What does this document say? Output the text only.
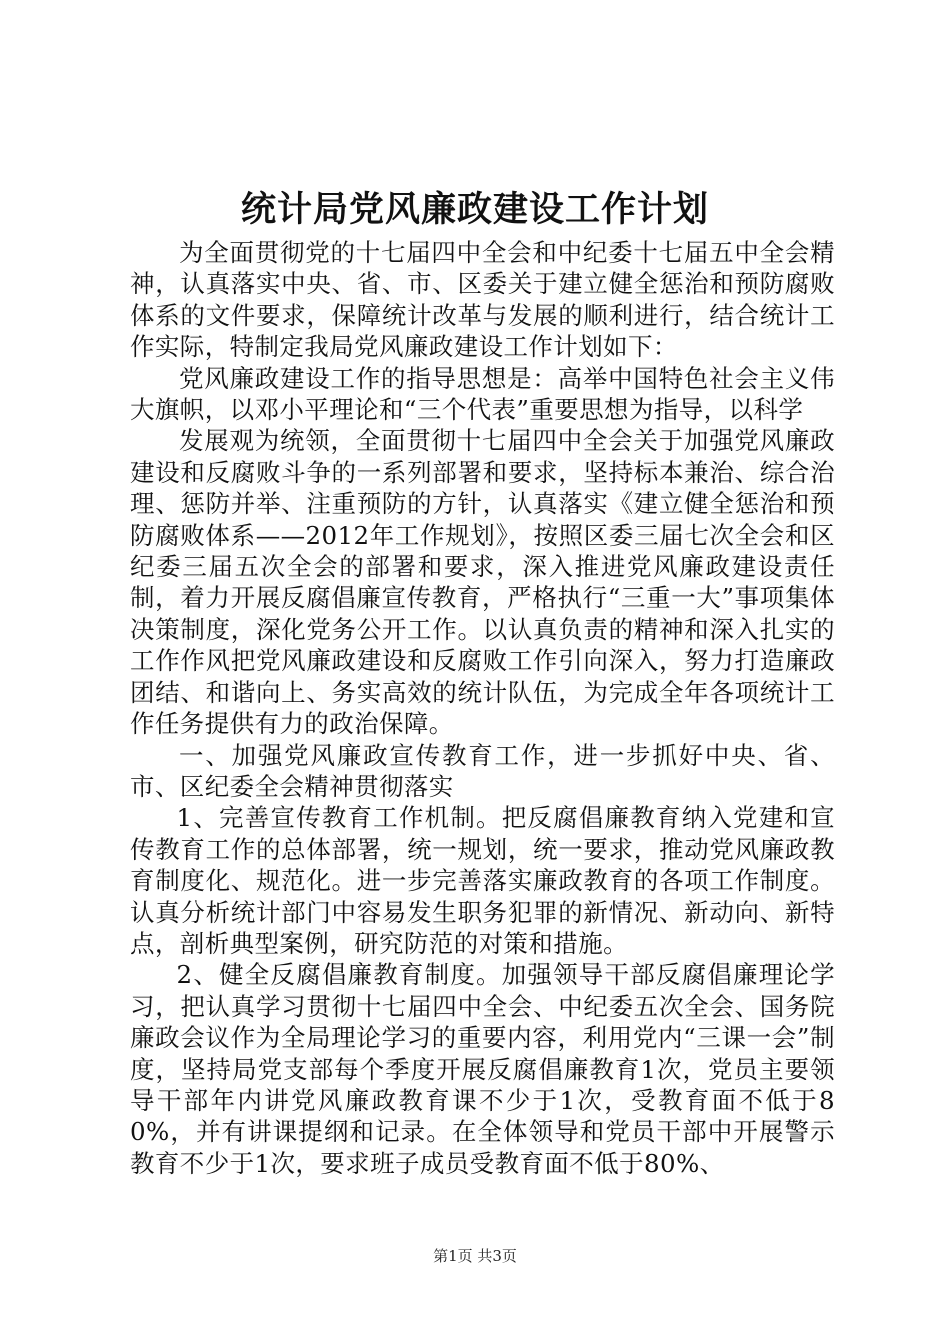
统计局党风廉政建设工作计划

为全面贯彻党的十七届四中全会和中纪委十七届五中全会精神，认真落实中央、省、市、区委关于建立健全惩治和预防腐败体系的文件要求，保障统计改革与发展的顺利进行，结合统计工作实际，特制定我局党风廉政建设工作计划如下：

党风廉政建设工作的指导思想是：高举中国特色社会主义伟大旗帜，以邓小平理论和“三个代表”重要思想为指导，以科学

发展观为统领，全面贯彻十七届四中全会关于加强党风廉政建设和反腐败斗争的一系列部署和要求，坚持标本兼治、综合治理、惩防并举、注重预防的方针，认真落实《建立健全惩治和预防腐败体系——2012年工作规划》，按照区委三届七次全会和区纪委三届五次全会的部署和要求，深入推进党风廉政建设责任制，着力开展反腐倡廉宣传教育，严格执行“三重一大”事项集体决策制度，深化党务公开工作。以认真负责的精神和深入扎实的工作作风把党风廉政建设和反腐败工作引向深入，努力打造廉政团结、和谐向上、务实高效的统计队伍，为完成全年各项统计工作任务提供有力的政治保障。

一、加强党风廉政宣传教育工作，进一步抓好中央、省、市、区纪委全会精神贯彻落实

1、完善宣传教育工作机制。把反腐倡廉教育纳入党建和宣传教育工作的总体部署，统一规划，统一要求，推动党风廉政教育制度化、规范化。进一步完善落实廉政教育的各项工作制度。认真分析统计部门中容易发生职务犯罪的新情况、新动向、新特点，剖析典型案例，研究防范的对策和措施。

2、健全反腐倡廉教育制度。加强领导干部反腐倡廉理论学习，把认真学习贯彻十七届四中全会、中纪委五次全会、国务院廉政会议作为全局理论学习的重要内容，利用党内“三课一会”制度，坚持局党支部每个季度开展反腐倡廉教育1次，党员主要领导干部年内讲党风廉政教育课不少于1次，受教育面不低于80%，并有讲课提纲和记录。在全体领导和党员干部中开展警示教育不少于1次，要求班子成员受教育面不低于80%、

第1页 共3页
